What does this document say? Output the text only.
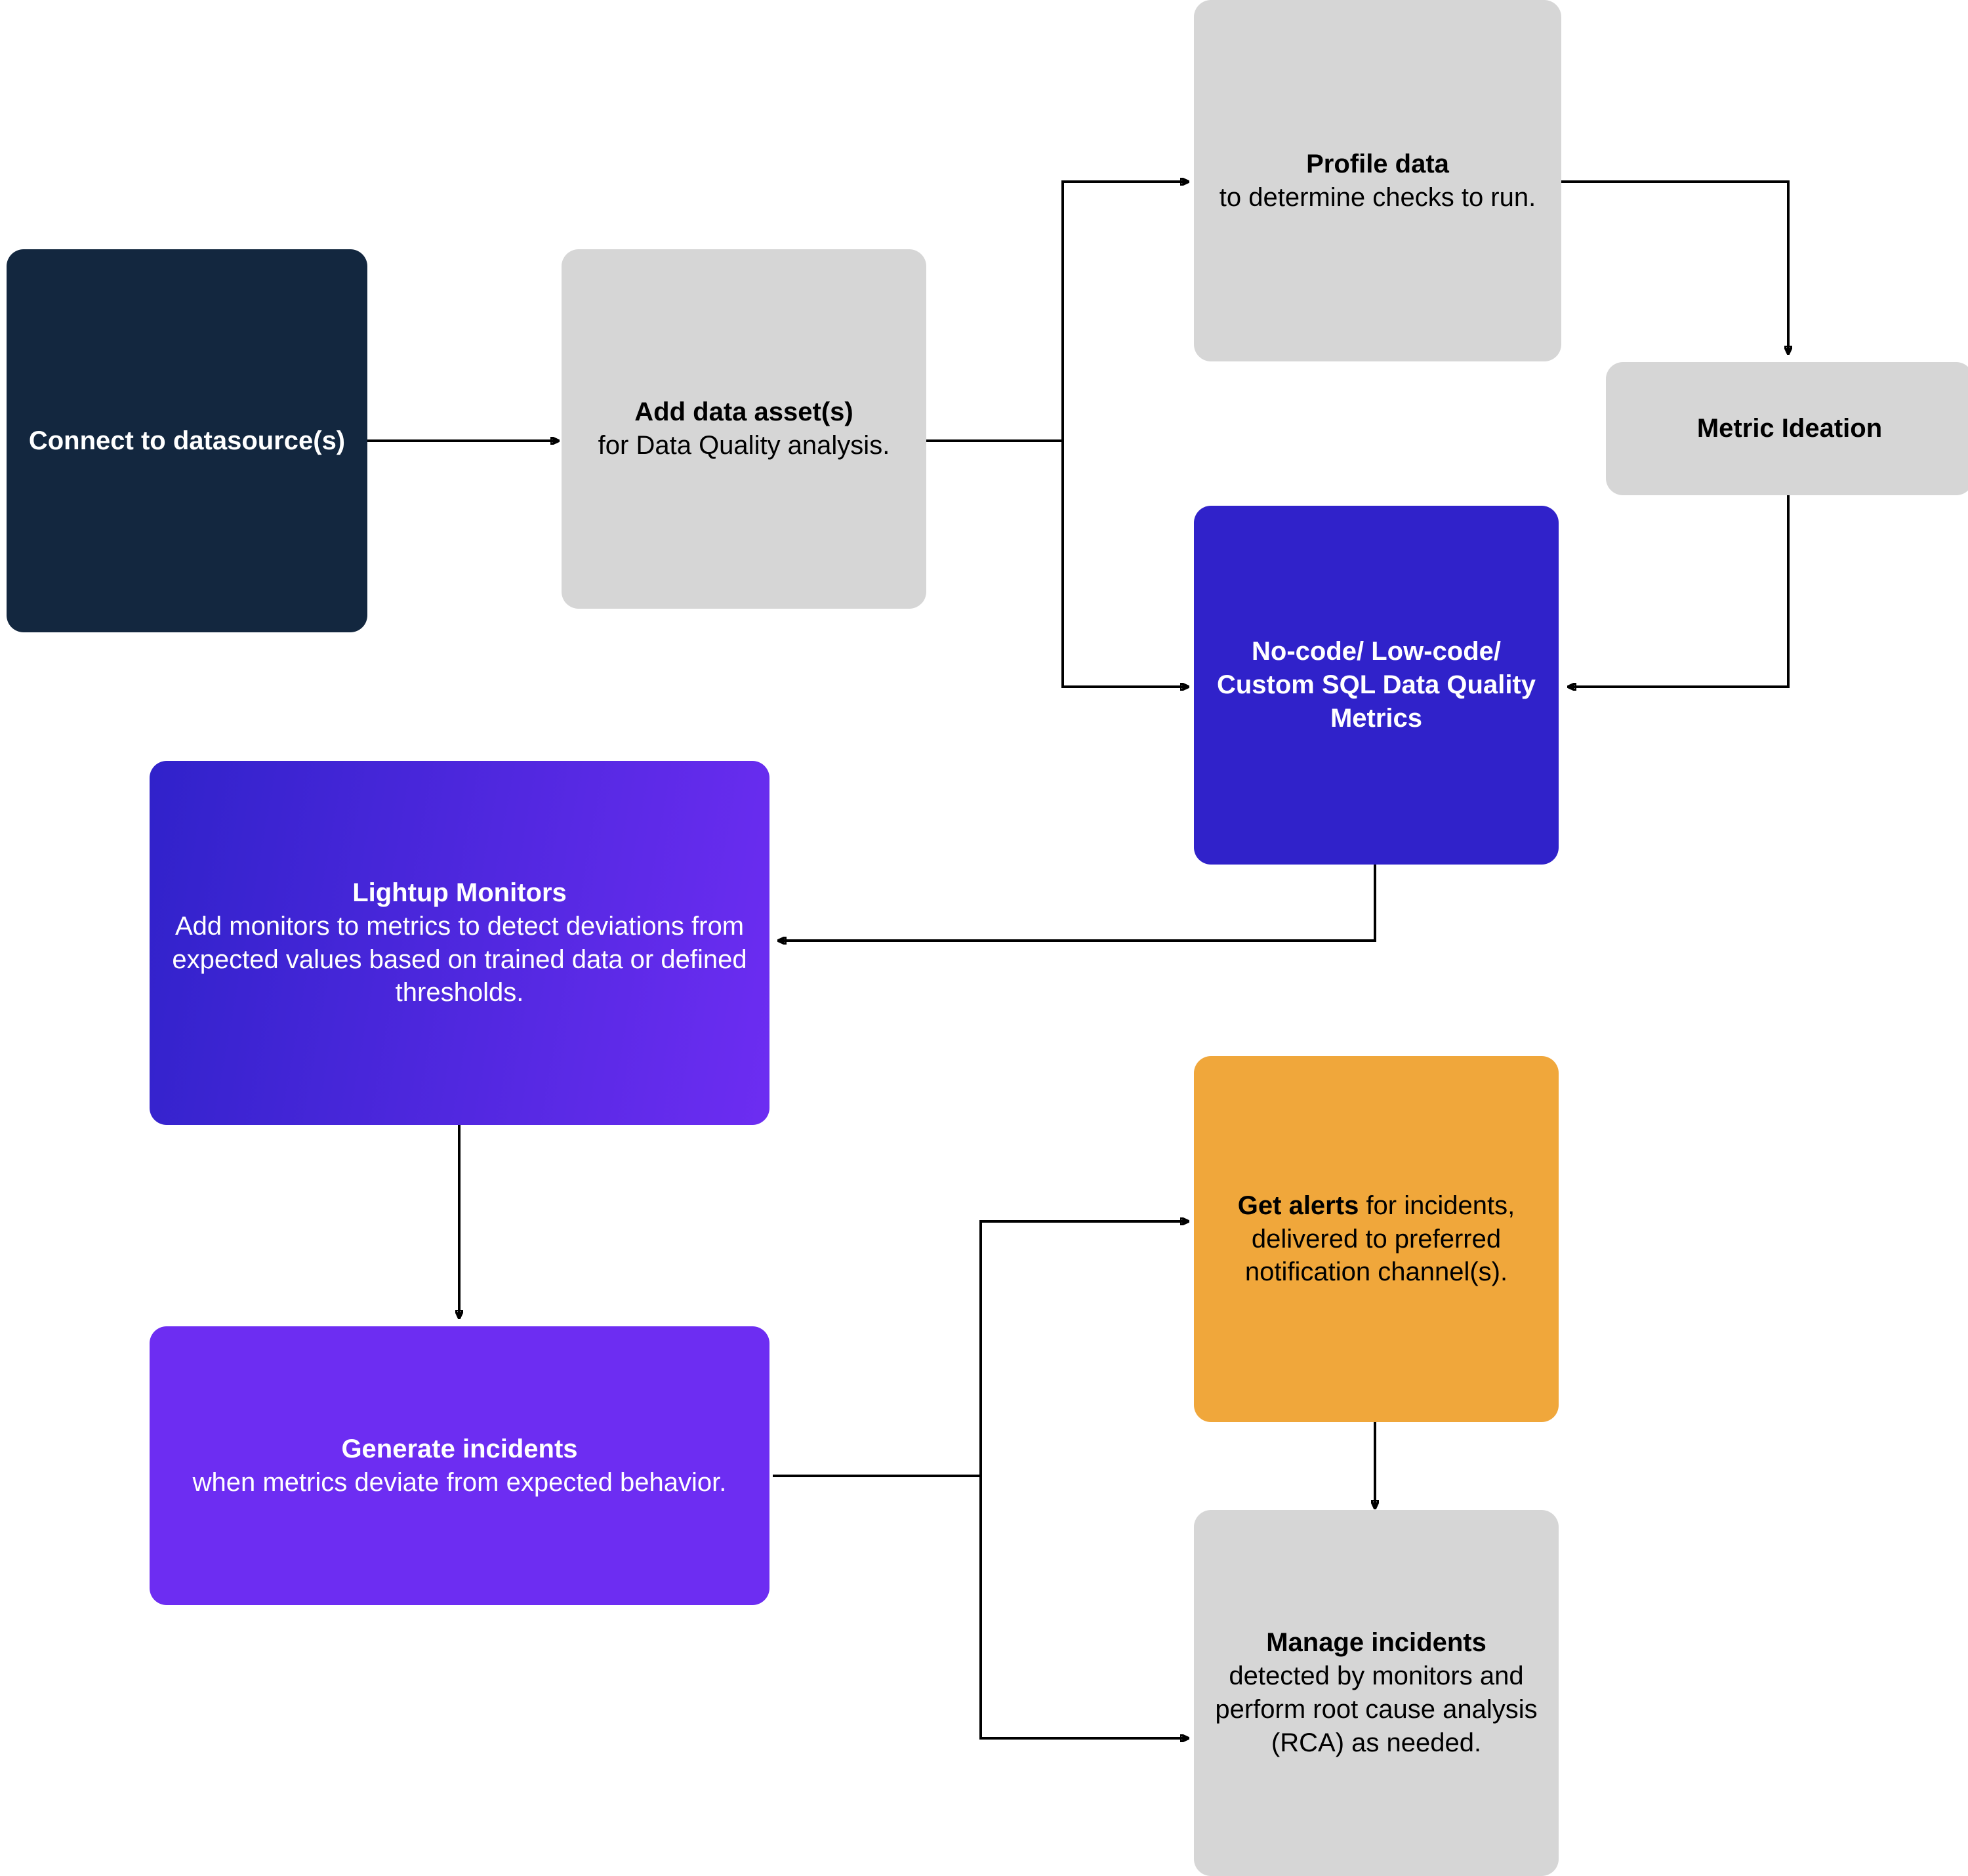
Connect to datasource(s)
Add data asset(s)
for Data Quality analysis.
Profile data
to determine checks to run.
Metric Ideation
No-code/ Low-code/ Custom SQL Data Quality Metrics
Lightup Monitors
Add monitors to metrics to detect deviations from expected values based on trained data or defined thresholds.
Generate incidents
when metrics deviate from expected behavior.
Get alerts for incidents, delivered to preferred notification channel(s).
Manage incidents
detected by monitors and perform root cause analysis (RCA) as needed.
